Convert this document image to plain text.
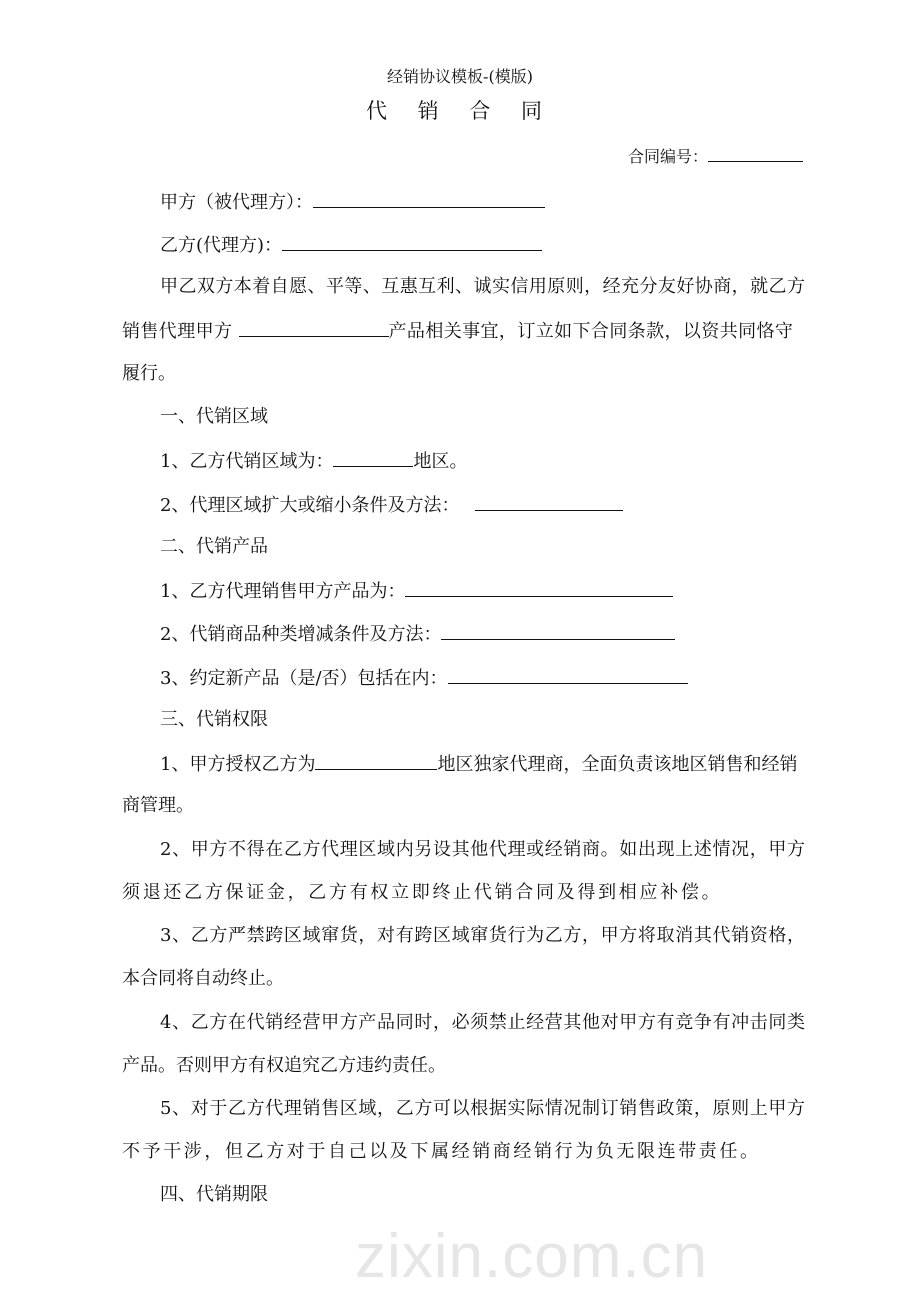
zixin.com.cn
经销协议模板-(模版)
代 销 合 同
合同编号：
甲方（被代理方）：
乙方(代理方)：
甲乙双方本着自愿、平等、互惠互利、诚实信用原则，经充分友好协商，就乙方
销售代理甲方	产品相关事宜，订立如下合同条款，以资共同恪守
履行。
一、代销区域
1、乙方代销区域为：	地区。
2、代理区域扩大或缩小条件及方法：
二、代销产品
1、乙方代理销售甲方产品为：
2、代销商品种类增减条件及方法：
3、约定新产品（是/否）包括在内：
三、代销权限
1、甲方授权乙方为	地区独家代理商，全面负责该地区销售和经销
商管理。
2、甲方不得在乙方代理区域内另设其他代理或经销商。如出现上述情况，甲方
须退还乙方保证金，乙方有权立即终止代销合同及得到相应补偿。
3、乙方严禁跨区域窜货，对有跨区域窜货行为乙方，甲方将取消其代销资格，
本合同将自动终止。
4、乙方在代销经营甲方产品同时，必须禁止经营其他对甲方有竞争有冲击同类
产品。否则甲方有权追究乙方违约责任。
5、对于乙方代理销售区域，乙方可以根据实际情况制订销售政策，原则上甲方
不予干涉，但乙方对于自己以及下属经销商经销行为负无限连带责任。
四、代销期限
